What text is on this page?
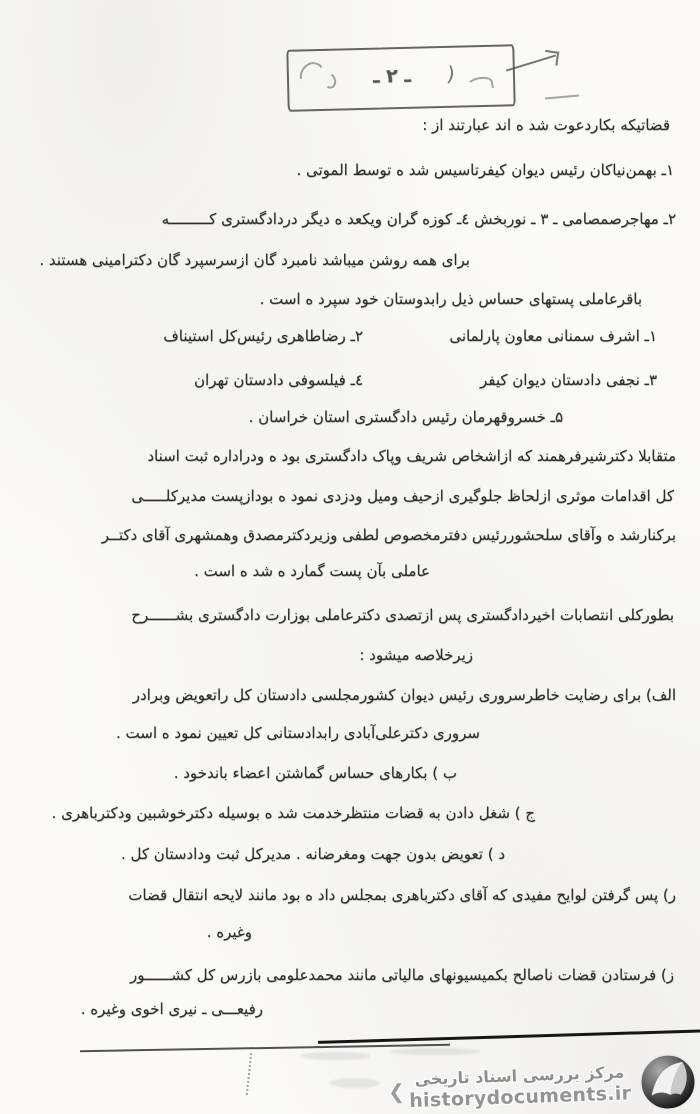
ـ ۲ ـ (
قضاتیکه بکاردعوت شد ه اند عبارتند از :
۱ـ بهمن‌نیاکان رئیس دیوان کیفرتاسیس شد ه توسط الموتی .
۲ـ مهاجرصمصامی ـ ۳ ـ نوربخش ٤ـ کوزه گران ویکعد ه دیگر دردادگستری کـــــــــه
برای همه روشن میباشد نامبرد گان ازسرسپرد گان دکترامینی هستند .
باقرعاملی پستهای حساس ذیل رابدوستان خود سپرد ه است .
۱ـ اشرف سمنانی معاون پارلمانی
۲ـ رضاطاهری رئیس‌کل استیناف
۳ـ نجفی دادستان دیوان کیفر
٤ـ فیلسوفی دادستان تهران
۵ـ خسروقهرمان رئیس دادگستری استان خراسان .
متقابلا دکترشیرفرهمند که ازاشخاص شریف وپاک دادگستری بود ه ودراداره ثبت اسناد
کل اقدامات موثری ازلحاظ جلوگیری ازحیف ومیل ودزدی نمود ه بودازپست مدیرکلـــــی
برکنارشد ه وآقای سلحشوررئیس دفترمخصوص لطفی وزیردکترمصدق وهمشهری آقای دکتــر
عاملی بآن پست گمارد ه شد ه است .
بطورکلی انتصابات اخیردادگستری پس ازتصدی دکترعاملی بوزارت دادگستری بشــــــرح
زیرخلاصه میشود :
الف) برای رضایت خاطرسروری رئیس دیوان کشورمجلسی دادستان کل راتعویض وبرادر
سروری دکترعلی‌آبادی رابدادستانی کل تعیین نمود ه است .
ب ) بکارهای حساس گماشتن اعضاء باندخود .
ج ) شغل دادن به قضات منتظرخدمت شد ه بوسیله دکترخوشبین ودکترباهری .
د ) تعویض بدون جهت ومغرضانه . مدیرکل ثبت ودادستان کل .
ر) پس گرفتن لوایح مفیدی که آقای دکترباهری بمجلس داد ه بود مانند لایحه انتقال قضات
وغیره .
ز) فرستادن قضات ناصالح بکمیسیونهای مالیاتی مانند محمدعلومی بازرس کل کشــــــور
رفیعـــی ـ نیری اخوی وغیره .
❮
مرکز بررسی اسناد تاریخی
historydocuments.ir
